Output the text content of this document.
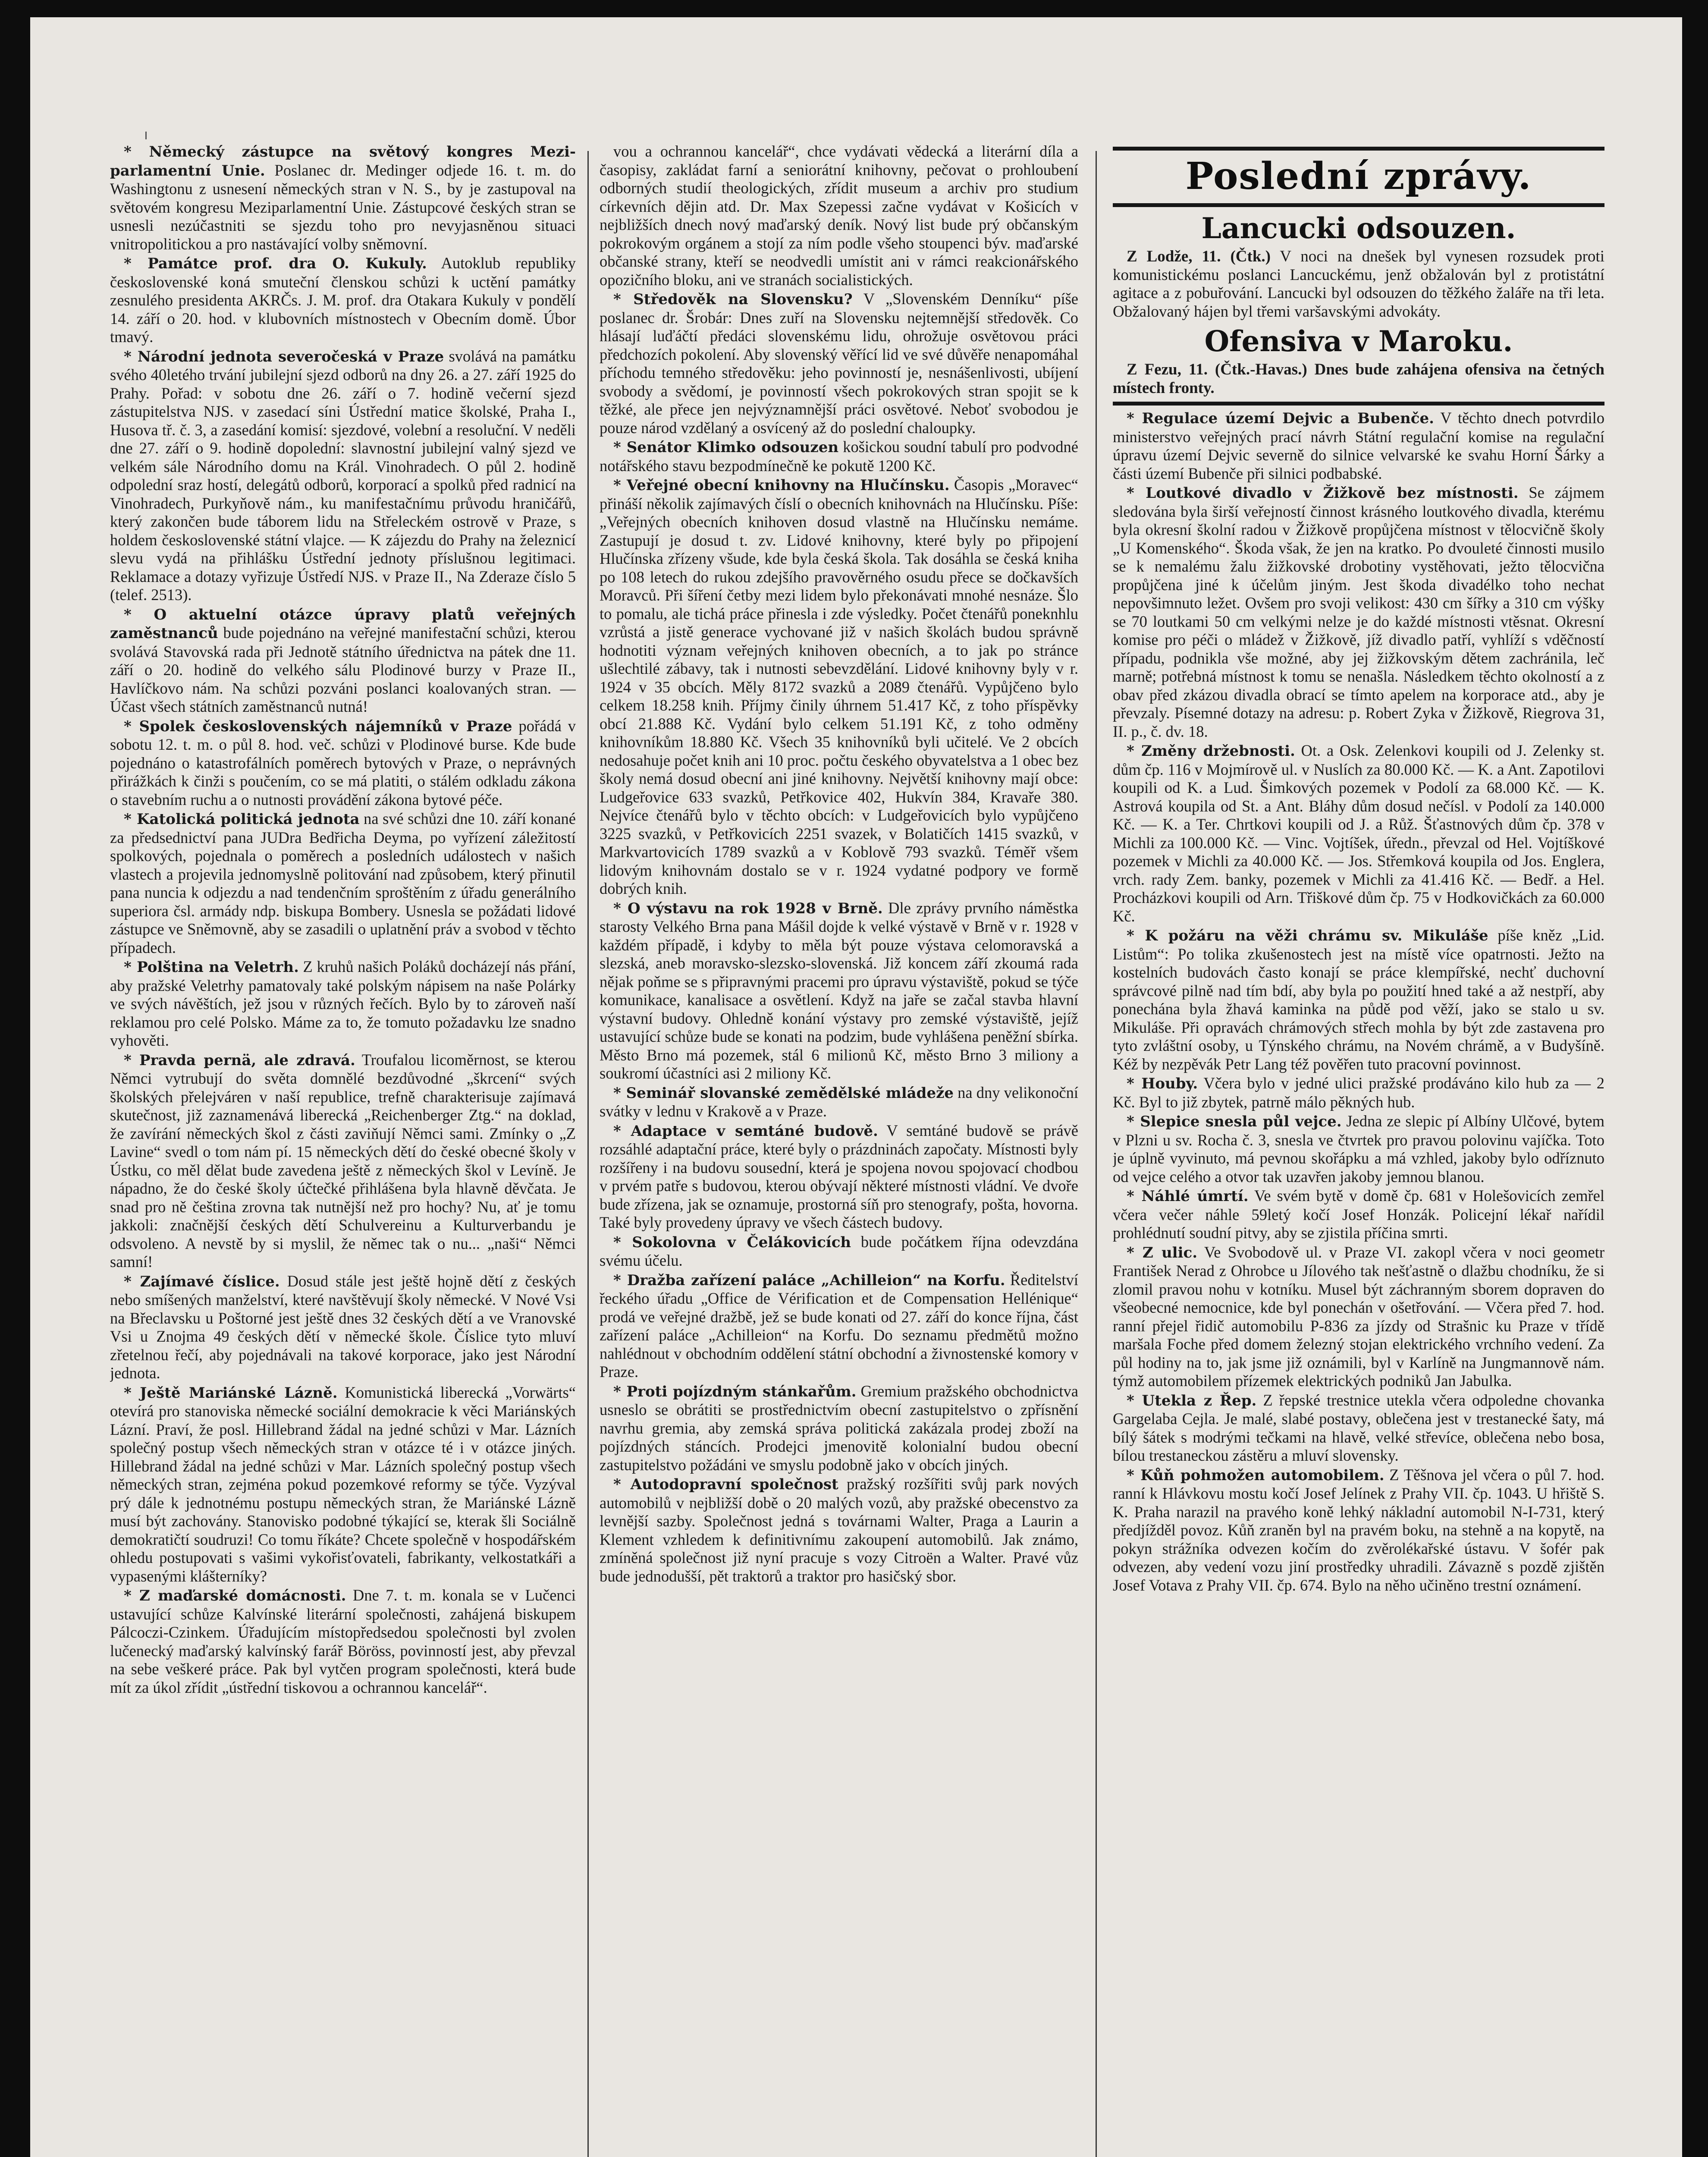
* Německý zástupce na světový kongres Mezi-parlamentní Unie. Poslanec dr. Medinger odjede 16. t. m. do Washingtonu z usnesení německých stran v N. S., by je zastupoval na světovém kongresu Meziparlamentní Unie. Zástupcové českých stran se usnesli nezúčastniti se sjezdu toho pro nevyjasněnou situaci vnitropolitickou a pro nastávající volby sněmovní.

* Památce prof. dra O. Kukuly. Autoklub republiky československé koná smuteční členskou schůzi k uctění památky zesnulého presidenta AKRČs. J. M. prof. dra Otakara Kukuly v pondělí 14. září o 20. hod. v klubovních místnostech v Obecním domě. Úbor tmavý.

* Národní jednota severočeská v Praze svolává na památku svého 40letého trvání jubilejní sjezd odborů na dny 26. a 27. září 1925 do Prahy. Pořad: v sobotu dne 26. září o 7. hodině večerní sjezd zástupitelstva NJS. v zasedací síni Ústřední matice školské, Praha I., Husova tř. č. 3, a zasedání komisí: sjezdové, volební a resoluční. V neděli dne 27. září o 9. hodině dopolední: slavnostní jubilejní valný sjezd ve velkém sále Národního domu na Král. Vinohradech. O půl 2. hodině odpolední sraz hostí, delegátů odborů, korporací a spolků před radnicí na Vinohradech, Purkyňově nám., ku manifestačnímu průvodu hraničářů, který zakončen bude táborem lidu na Střeleckém ostrově v Praze, s holdem československé státní vlajce. — K zájezdu do Prahy na železnicí slevu vydá na přihlášku Ústřední jednoty příslušnou legitimaci. Reklamace a dotazy vyřizuje Ústředí NJS. v Praze II., Na Zderaze číslo 5 (telef. 2513).

* O aktuelní otázce úpravy platů veřejných zaměstnanců bude pojednáno na veřejné manifestační schůzi, kterou svolává Stavovská rada při Jednotě státního úřednictva na pátek dne 11. září o 20. hodině do velkého sálu Plodinové burzy v Praze II., Havlíčkovo nám. Na schůzi pozváni poslanci koalovaných stran. — Účast všech státních zaměstnanců nutná!

* Spolek československých nájemníků v Praze pořádá v sobotu 12. t. m. o půl 8. hod. več. schůzi v Plodinové burse. Kde bude pojednáno o katastrofálních poměrech bytových v Praze, o neprávných přirážkách k činži s poučením, co se má platiti, o stálém odkladu zákona o stavebním ruchu a o nutnosti provádění zákona bytové péče.

* Katolická politická jednota na své schůzi dne 10. září konané za předsednictví pana JUDra Bedřicha Deyma, po vyřízení záležitostí spolkových, pojednala o poměrech a posledních událostech v našich vlastech a projevila jednomyslně politování nad způsobem, který přinutil pana nuncia k odjezdu a nad tendenčním sproštěním z úřadu generálního superiora čsl. armády ndp. biskupa Bombery. Usnesla se požádati lidové zástupce ve Sněmovně, aby se zasadili o uplatnění práv a svobod v těchto případech.

* Polština na Veletrh. Z kruhů našich Poláků docházejí nás přání, aby pražské Veletrhy pamatovaly také polským nápisem na naše Polárky ve svých návěštích, jež jsou v různých řečích. Bylo by to zároveň naší reklamou pro celé Polsko. Máme za to, že tomuto požadavku lze snadno vyhověti.

* Pravda pernä, ale zdravá. Troufalou licoměrnost, se kterou Němci vytrubují do světa domnělé bezdůvodné „škrcení“ svých školských přelejváren v naší republice, trefně charakterisuje zajímavá skutečnost, již zaznamenává liberecká „Reichenberger Ztg.“ na doklad, že zavírání německých škol z části zaviňují Němci sami. Zmínky o „Z Lavine“ svedl o tom nám pí. 15 německých dětí do české obecné školy v Ústku, co měl dělat bude zavedena ještě z německých škol v Levíně. Je nápadno, že do české školy účtečké přihlášena byla hlavně děvčata. Je snad pro ně čeština zrovna tak nutnější než pro hochy? Nu, ať je tomu jakkoli: značnější českých dětí Schulvereinu a Kulturverbandu je odsvoleno. A nevstě by si myslil, že němec tak o nu... „naši“ Němci samní!

* Zajímavé číslice. Dosud stále jest ještě hojně dětí z českých nebo smíšených manželství, které navštěvují školy německé. V Nové Vsi na Břeclavsku u Poštorné jest ještě dnes 32 českých dětí a ve Vranovské Vsi u Znojma 49 českých dětí v německé škole. Číslice tyto mluví zřetelnou řečí, aby pojednávali na takové korporace, jako jest Národní jednota.

* Ještě Mariánské Lázně. Komunistická liberecká „Vorwärts“ otevírá pro stanoviska německé sociální demokracie k věci Mariánských Lázní. Praví, že posl. Hillebrand žádal na jedné schůzi v Mar. Lázních společný postup všech německých stran v otázce té i v otázce jiných. Hillebrand žádal na jedné schůzi v Mar. Lázních společný postup všech německých stran, zejména pokud pozemkové reformy se týče. Vyzýval prý dále k jednotnému postupu německých stran, že Mariánské Lázně musí být zachovány. Stanovisko podobné týkající se, kterak šli Sociálně demokratičtí soudruzi! Co tomu říkáte? Chcete společně v hospodářském ohledu postupovati s vašimi vykořisťovateli, fabrikanty, velkostatkáři a vypasenými klášterníky?

* Z maďarské domácnosti. Dne 7. t. m. konala se v Lučenci ustavující schůze Kalvínské literární společnosti, zahájená biskupem Pálcoczi-Czinkem. Úřadujícím místopředsedou společnosti byl zvolen lučenecký maďarský kalvínský farář Böröss, povinností jest, aby převzal na sebe veškeré práce. Pak byl vytčen program společnosti, která bude mít za úkol zřídit „ústřední tiskovou a ochrannou kancelář“.

vou a ochrannou kancelář“, chce vydávati vědecká a literární díla a časopisy, zakládat farní a seniorátní knihovny, pečovat o prohloubení odborných studií theologických, zřídit museum a archiv pro studium církevních dějin atd. Dr. Max Szepessi začne vydávat v Košicích v nejbližších dnech nový maďarský deník. Nový list bude prý občanským pokrokovým orgánem a stojí za ním podle všeho stoupenci býv. maďarské občanské strany, kteří se neodvedli umístit ani v rámci reakcionářského opozičního bloku, ani ve stranách socialistických.

* Středověk na Slovensku? V „Slovenském Denníku“ píše poslanec dr. Šrobár: Dnes zuří na Slovensku nejtemnější středověk. Co hlásají luďáčtí předáci slovenskému lidu, ohrožuje osvětovou práci předchozích pokolení. Aby slovenský věřící lid ve své důvěře nenapomáhal příchodu temného středověku: jeho povinností je, nesnášenlivosti, ubíjení svobody a svědomí, je povinností všech pokrokových stran spojit se k těžké, ale přece jen nejvýznamnější práci osvětové. Neboť svobodou je pouze národ vzdělaný a osvícený až do poslední chaloupky.

* Senátor Klimko odsouzen košickou soudní tabulí pro podvodné notářského stavu bezpodmínečně ke pokutě 1200 Kč.

* Veřejné obecní knihovny na Hlučínsku. Časopis „Moravec“ přináší několik zajímavých číslí o obecních knihovnách na Hlučínsku. Píše: „Veřejných obecních knihoven dosud vlastně na Hlučínsku nemáme. Zastupují je dosud t. zv. Lidové knihovny, které byly po připojení Hlučínska zřízeny všude, kde byla česká škola. Tak dosáhla se česká kniha po 108 letech do rukou zdejšího pravověrného osudu přece se dočkavších Moravců. Při šíření četby mezi lidem bylo překonávati mnohé nesnáze. Šlo to pomalu, ale tichá práce přinesla i zde výsledky. Počet čtenářů poneknhlu vzrůstá a jistě generace vychované již v našich školách budou správně hodnotiti význam veřejných knihoven obecních, a to jak po stránce ušlechtilé zábavy, tak i nutnosti sebevzdělání. Lidové knihovny byly v r. 1924 v 35 obcích. Měly 8172 svazků a 2089 čtenářů. Vypůjčeno bylo celkem 18.258 knih. Příjmy činily úhrnem 51.417 Kč, z toho příspěvky obcí 21.888 Kč. Vydání bylo celkem 51.191 Kč, z toho odměny knihovníkům 18.880 Kč. Všech 35 knihovníků byli učitelé. Ve 2 obcích nedosahuje počet knih ani 10 proc. počtu českého obyvatelstva a 1 obec bez školy nemá dosud obecní ani jiné knihovny. Největší knihovny mají obce: Ludgeřovice 633 svazků, Petřkovice 402, Hukvín 384, Kravaře 380. Nejvíce čtenářů bylo v těchto obcích: v Ludgeřovicích bylo vypůjčeno 3225 svazků, v Petřkovicích 2251 svazek, v Bolatičích 1415 svazků, v Markvartovicích 1789 svazků a v Koblově 793 svazků. Téměř všem lidovým knihovnám dostalo se v r. 1924 vydatné podpory ve formě dobrých knih.

* O výstavu na rok 1928 v Brně. Dle zprávy prvního náměstka starosty Velkého Brna pana Mášil dojde k velké výstavě v Brně v r. 1928 v každém případě, i kdyby to měla být pouze výstava celomoravská a slezská, aneb moravsko-slezsko-slovenská. Již koncem září zkoumá rada nějak poňme se s připravnými pracemi pro úpravu výstaviště, pokud se týče komunikace, kanalisace a osvětlení. Když na jaře se začal stavba hlavní výstavní budovy. Ohledně konání výstavy pro zemské výstaviště, jejíž ustavující schůze bude se konati na podzim, bude vyhlášena peněžní sbírka. Město Brno má pozemek, stál 6 milionů Kč, město Brno 3 miliony a soukromí účastníci asi 2 miliony Kč.

* Seminář slovanské zemědělské mládeže na dny velikonoční svátky v lednu v Krakově a v Praze.

* Adaptace v semtáné budově. V semtáné budově se právě rozsáhlé adaptační práce, které byly o prázdninách započaty. Místnosti byly rozšířeny i na budovu sousední, která je spojena novou spojovací chodbou v prvém patře s budovou, kterou obývají některé místnosti vládní. Ve dvoře bude zřízena, jak se oznamuje, prostorná síň pro stenografy, pošta, hovorna. Také byly provedeny úpravy ve všech částech budovy.

* Sokolovna v Čelákovicích bude počátkem října odevzdána svému účelu.

* Dražba zařízení paláce „Achilleion“ na Korfu. Ředitelství řeckého úřadu „Office de Vérification et de Compensation Hellénique“ prodá ve veřejné dražbě, jež se bude konati od 27. září do konce října, část zařízení paláce „Achilleion“ na Korfu. Do seznamu předmětů možno nahlédnout v obchodním oddělení státní obchodní a živnostenské komory v Praze.

* Proti pojízdným stánkařům. Gremium pražského obchodnictva usneslo se obrátiti se prostřednictvím obecní zastupitelstvo o zpřísnění navrhu gremia, aby zemská správa politická zakázala prodej zboží na pojízdných stáncích. Prodejci jmenovitě kolonialní budou obecní zastupitelstvo požádáni ve smyslu podobně jako v obcích jiných.

* Autodopravní společnost pražský rozšířiti svůj park nových automobilů v nejbližší době o 20 malých vozů, aby pražské obecenstvo za levnější sazby. Společnost jedná s továrnami Walter, Praga a Laurin a Klement vzhledem k definitivnímu zakoupení automobilů. Jak známo, zmíněná společnost již nyní pracuje s vozy Citroën a Walter. Pravé vůz bude jednodušší, pět traktorů a traktor pro hasičský sbor.

Poslední zprávy.
Lancucki odsouzen.

Z Lodže, 11. (Čtk.) V noci na dnešek byl vynesen rozsudek proti komunistickému poslanci Lancuckému, jenž obžalován byl z protistátní agitace a z pobuřování. Lancucki byl odsouzen do těžkého žaláře na tři leta. Obžalovaný hájen byl třemi varšavskými advokáty.

Ofensiva v Maroku.

Z Fezu, 11. (Čtk.-Havas.) Dnes bude zahájena ofensiva na četných místech fronty.

* Regulace území Dejvic a Bubenče. V těchto dnech potvrdilo ministerstvo veřejných prací návrh Státní regulační komise na regulační úpravu území Dejvic severně do silnice velvarské ke svahu Horní Šárky a části území Bubenče při silnici podbabské.

* Loutkové divadlo v Žižkově bez místnosti. Se zájmem sledována byla širší veřejností činnost krásného loutkového divadla, kterému byla okresní školní radou v Žižkově propůjčena místnost v tělocvičně školy „U Komenského“. Škoda však, že jen na kratko. Po dvouleté činnosti musilo se k nemalému žalu žižkovské drobotiny vystěhovati, ježto tělocvična propůjčena jiné k účelům jiným. Jest škoda divadélko toho nechat nepovšimnuto ležet. Ovšem pro svoji velikost: 430 cm šířky a 310 cm výšky se 70 loutkami 50 cm velkými nelze je do každé místnosti vtěsnat. Okresní komise pro péči o mládež v Žižkově, jíž divadlo patří, vyhlíží s vděčností případu, podnikla vše možné, aby jej žižkovským dětem zachránila, leč marně; potřebná místnost k tomu se nenašla. Následkem těchto okolností a z obav před zkázou divadla obrací se tímto apelem na korporace atd., aby je převzaly. Písemné dotazy na adresu: p. Robert Zyka v Žižkově, Riegrova 31, II. p., č. dv. 18.

* Změny držebnosti. Ot. a Osk. Zelenkovi koupili od J. Zelenky st. dům čp. 116 v Mojmírově ul. v Nuslích za 80.000 Kč. — K. a Ant. Zapotilovi koupili od K. a Lud. Šimkových pozemek v Podolí za 68.000 Kč. — K. Astrová koupila od St. a Ant. Bláhy dům dosud nečísl. v Podolí za 140.000 Kč. — K. a Ter. Chrtkovi koupili od J. a Růž. Šťastnových dům čp. 378 v Michli za 100.000 Kč. — Vinc. Vojtíšek, úředn., převzal od Hel. Vojtíškové pozemek v Michli za 40.000 Kč. — Jos. Střemková koupila od Jos. Englera, vrch. rady Zem. banky, pozemek v Michli za 41.416 Kč. — Bedř. a Hel. Procházkovi koupili od Arn. Třiškové dům čp. 75 v Hodkovičkách za 60.000 Kč.

* K požáru na věži chrámu sv. Mikuláše píše kněz „Lid. Listům“: Po tolika zkušenostech jest na místě více opatrnosti. Ježto na kostelních budovách často konají se práce klempířské, nechť duchovní správcové pilně nad tím bdí, aby byla po použití hned také a až nestpří, aby ponechána byla žhavá kaminka na půdě pod věží, jako se stalo u sv. Mikuláše. Při opravách chrámových střech mohla by být zde zastavena pro tyto zvláštní osoby, u Týnského chrámu, na Novém chrámě, a v Budyšíně. Kéž by nezpěvák Petr Lang též pověřen tuto pracovní povinnost.

* Houby. Včera bylo v jedné ulici pražské prodáváno kilo hub za — 2 Kč. Byl to již zbytek, patrně málo pěkných hub.

* Slepice snesla půl vejce. Jedna ze slepic pí Albíny Ulčové, bytem v Plzni u sv. Rocha č. 3, snesla ve čtvrtek pro pravou polovinu vajíčka. Toto je úplně vyvinuto, má pevnou skořápku a má vzhled, jakoby bylo odříznuto od vejce celého a otvor tak uzavřen jakoby jemnou blanou.

* Náhlé úmrtí. Ve svém bytě v domě čp. 681 v Holešovicích zemřel včera večer náhle 59letý kočí Josef Honzák. Policejní lékař nařídil prohlédnutí soudní pitvy, aby se zjistila příčina smrti.

* Z ulic. Ve Svobodově ul. v Praze VI. zakopl včera v noci geometr František Nerad z Ohrobce u Jílového tak nešťastně o dlažbu chodníku, že si zlomil pravou nohu v kotníku. Musel být záchranným sborem dopraven do všeobecné nemocnice, kde byl ponechán v ošetřování. — Včera před 7. hod. ranní přejel řidič automobilu P-836 za jízdy od Strašnic ku Praze v třídě maršala Foche před domem železný stojan elektrického vrchního vedení. Za půl hodiny na to, jak jsme již oznámili, byl v Karlíně na Jungmannově nám. týmž automobilem přízemek elektrických podniků Jan Jabulka.

* Utekla z Řep. Z řepské trestnice utekla včera odpoledne chovanka Gargelaba Cejla. Je malé, slabé postavy, oblečena jest v trestanecké šaty, má bílý šátek s modrými tečkami na hlavě, velké střevíce, oblečena nebo bosa, bílou trestaneckou zástěru a mluví slovensky.

* Kůň pohmožen automobilem. Z Těšnova jel včera o půl 7. hod. ranní k Hlávkovu mostu kočí Josef Jelínek z Prahy VII. čp. 1043. U hřiště S. K. Praha narazil na pravého koně lehký nákladní automobil N-I-731, který předjížděl povoz. Kůň zraněn byl na pravém boku, na stehně a na kopytě, na pokyn strážníka odvezen kočím do zvěrolékařské ústavu. V šofér pak odvezen, aby vedení vozu jiní prostředky uhradili. Závazně s pozdě zjištěn Josef Votava z Prahy VII. čp. 674. Bylo na něho učiněno trestní oznámení.
